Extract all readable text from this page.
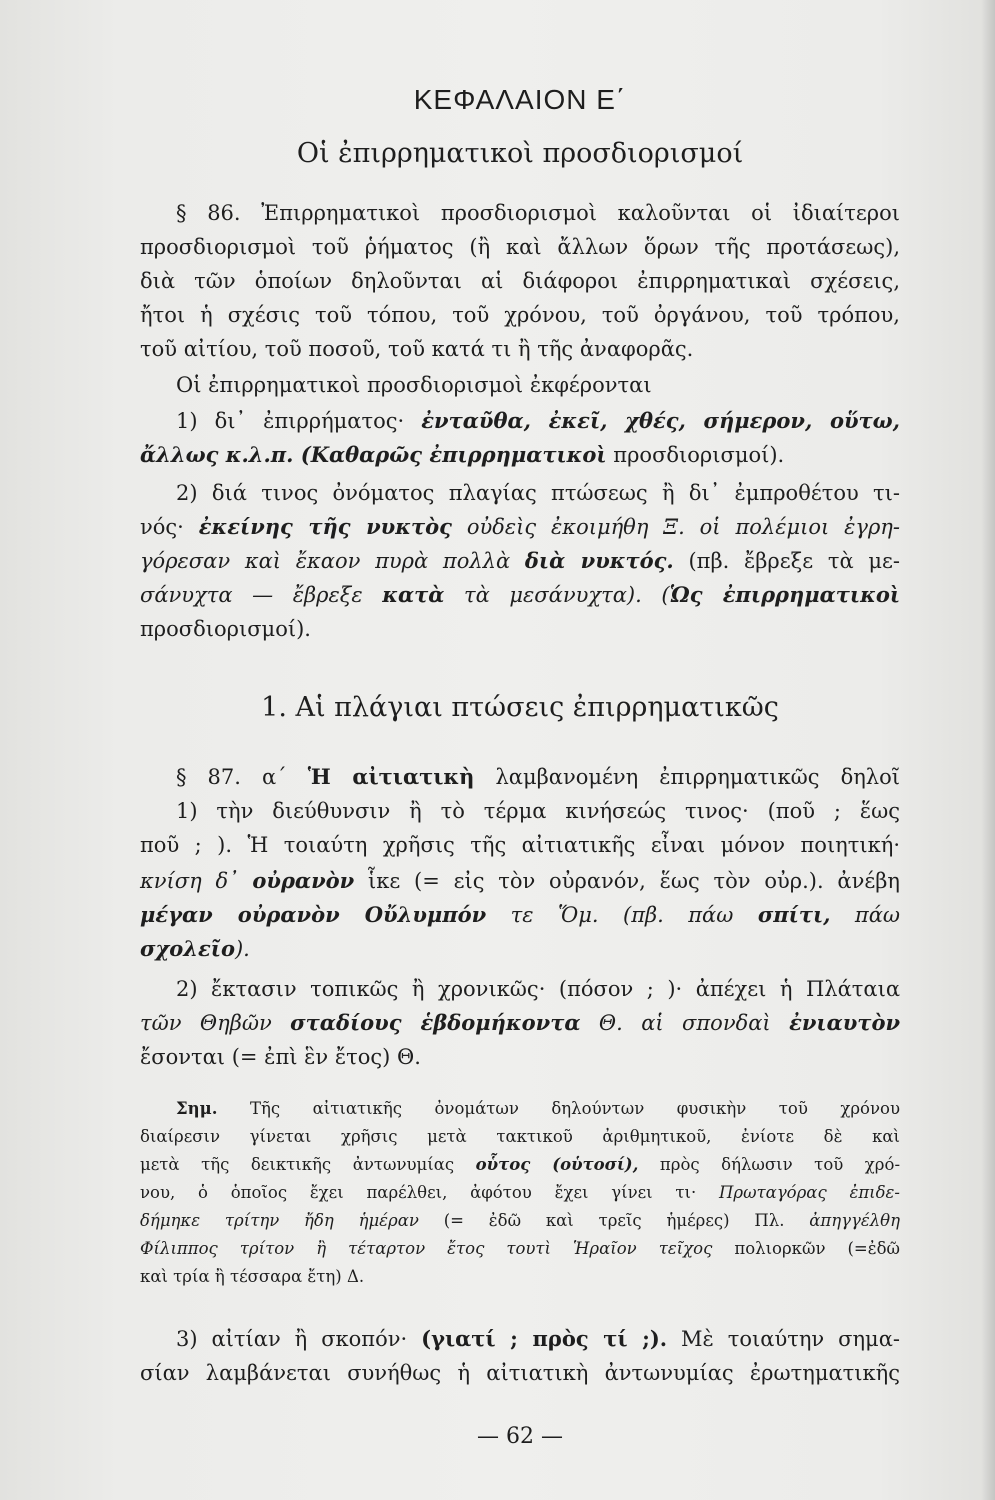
ΚΕΦΑΛΑΙΟΝ Ε΄
Οἱ ἐπιρρηματικοὶ προσδιορισμοί
§ 86. Ἐπιρρηματικοὶ προσδιορισμοὶ καλοῦνται οἱ ἰδιαίτεροι
προσδιορισμοὶ τοῦ ῥήματος (ἢ καὶ ἄλλων ὅρων τῆς προτάσεως),
διὰ τῶν ὁποίων δηλοῦνται αἱ διάφοροι ἐπιρρηματικαὶ σχέσεις,
ἤτοι ἡ σχέσις τοῦ τόπου, τοῦ χρόνου, τοῦ ὀργάνου, τοῦ τρόπου,
τοῦ αἰτίου, τοῦ ποσοῦ, τοῦ κατά τι ἢ τῆς ἀναφορᾶς.
Οἱ ἐπιρρηματικοὶ προσδιορισμοὶ ἐκφέρονται
1) δι᾽ ἐπιρρήματος· ἐνταῦθα, ἐκεῖ, χθές, σήμερον, οὕτω,
ἄλλως κ.λ.π. (Καθαρῶς ἐπιρρηματικοὶ προσδιορισμοί).
2) διά τινος ὀνόματος πλαγίας πτώσεως ἢ δι᾽ ἐμπροθέτου τι-
νός· ἐκείνης τῆς νυκτὸς οὐδεὶς ἐκοιμήθη Ξ. οἱ πολέμιοι ἐγρη-
γόρεσαν καὶ ἔκαον πυρὰ πολλὰ διὰ νυκτός. (πβ. ἔβρεξε τὰ με-
σάνυχτα — ἔβρεξε κατὰ τὰ μεσάνυχτα). (Ὡς ἐπιρρηματικοὶ
προσδιορισμοί).
1. Αἱ πλάγιαι πτώσεις ἐπιρρηματικῶς
§ 87. α΄ Ἡ αἰτιατικὴ λαμβανομένη ἐπιρρηματικῶς δηλοῖ
1) τὴν διεύθυνσιν ἢ τὸ τέρμα κινήσεώς τινος· (ποῦ ; ἕως
ποῦ ; ). Ἡ τοιαύτη χρῆσις τῆς αἰτιατικῆς εἶναι μόνον ποιητική·
κνίση δ᾽ οὐρανὸν ἷκε (= εἰς τὸν οὐρανόν, ἕως τὸν οὐρ.). ἀνέβη
μέγαν οὐρανὸν Οὔλυμπόν τε Ὅμ. (πβ. πάω σπίτι, πάω
σχολεῖο).
2) ἔκτασιν τοπικῶς ἢ χρονικῶς· (πόσον ; )· ἀπέχει ἡ Πλάταια
τῶν Θηβῶν σταδίους ἑβδομήκοντα Θ. αἱ σπονδαὶ ἐνιαυτὸν
ἔσονται (= ἐπὶ ἓν ἔτος) Θ.
Σημ. Τῆς αἰτιατικῆς ὀνομάτων δηλούντων φυσικὴν τοῦ χρόνου
διαίρεσιν γίνεται χρῆσις μετὰ τακτικοῦ ἀριθμητικοῦ, ἐνίοτε δὲ καὶ
μετὰ τῆς δεικτικῆς ἀντωνυμίας οὗτος (οὑτοσί), πρὸς δήλωσιν τοῦ χρό-
νου, ὁ ὁποῖος ἔχει παρέλθει, ἀφότου ἔχει γίνει τι· Πρωταγόρας ἐπιδε-
δήμηκε τρίτην ἤδη ἡμέραν (= ἐδῶ καὶ τρεῖς ἡμέρες) Πλ. ἀπηγγέλθη
Φίλιππος τρίτον ἢ τέταρτον ἔτος τουτὶ Ἡραῖον τεῖχος πολιορκῶν (=ἐδῶ
καὶ τρία ἢ τέσσαρα ἔτη) Δ.
3) αἰτίαν ἢ σκοπόν· (γιατί ; πρὸς τί ;). Μὲ τοιαύτην σημα-
σίαν λαμβάνεται συνήθως ἡ αἰτιατικὴ ἀντωνυμίας ἐρωτηματικῆς
— 62 —
